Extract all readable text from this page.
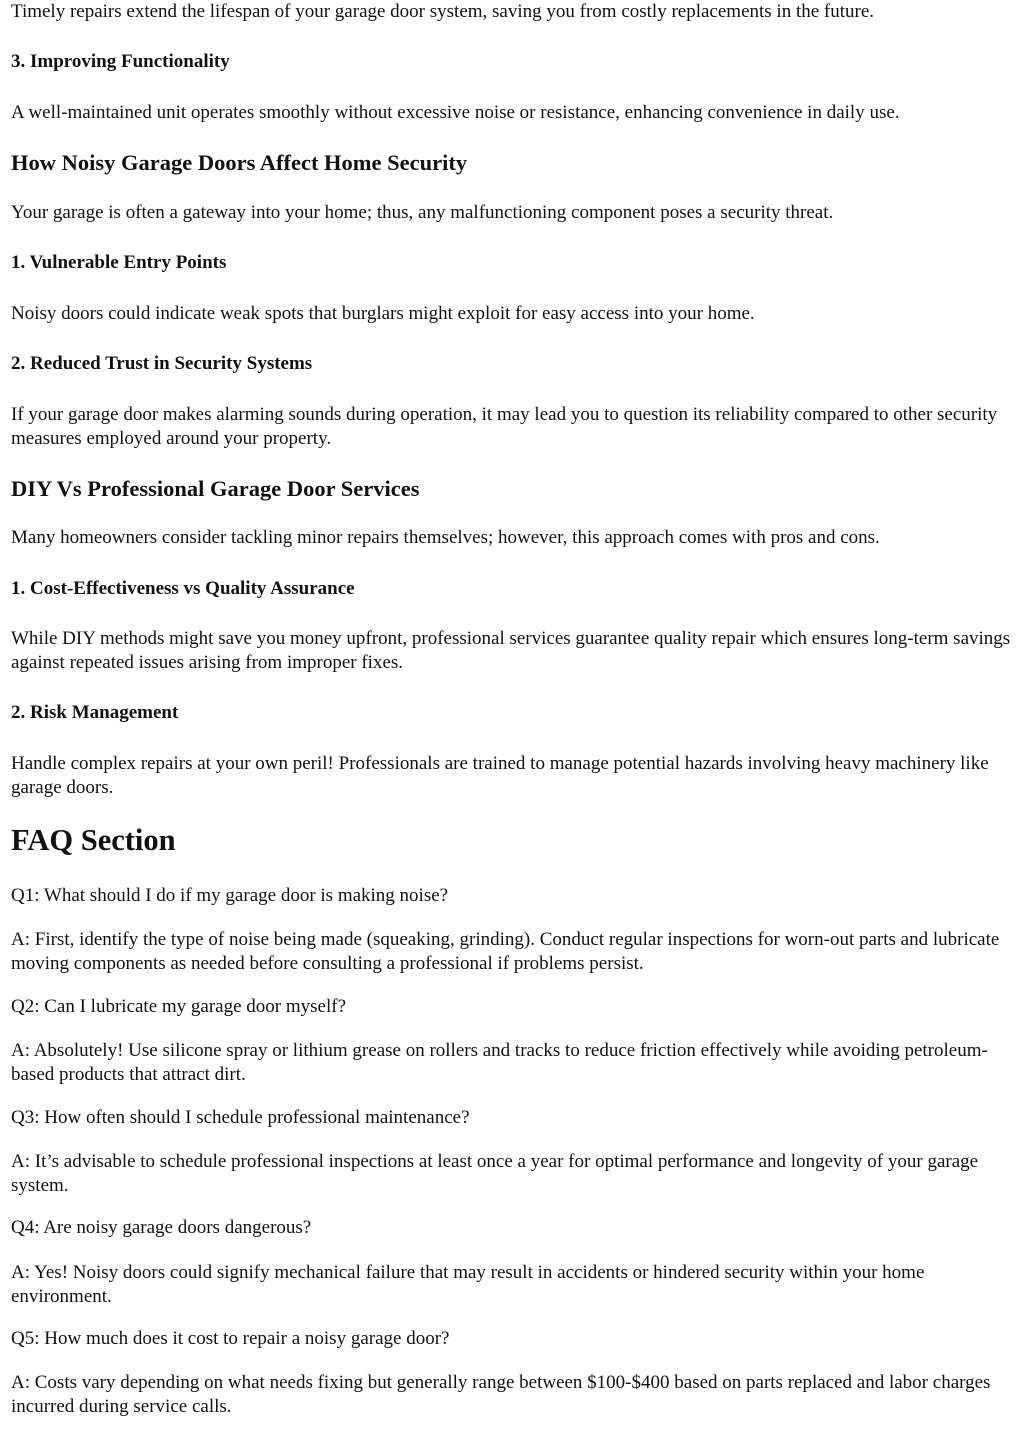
Timely repairs extend the lifespan of your garage door system, saving you from costly replacements in the future.

3. Improving Functionality

A well-maintained unit operates smoothly without excessive noise or resistance, enhancing convenience in daily use.

How Noisy Garage Doors Affect Home Security

Your garage is often a gateway into your home; thus, any malfunctioning component poses a security threat.

1. Vulnerable Entry Points

Noisy doors could indicate weak spots that burglars might exploit for easy access into your home.

2. Reduced Trust in Security Systems

If your garage door makes alarming sounds during operation, it may lead you to question its reliability compared to other security measures employed around your property.

DIY Vs Professional Garage Door Services

Many homeowners consider tackling minor repairs themselves; however, this approach comes with pros and cons.

1. Cost-Effectiveness vs Quality Assurance

While DIY methods might save you money upfront, professional services guarantee quality repair which ensures long-term savings against repeated issues arising from improper fixes.

2. Risk Management

Handle complex repairs at your own peril! Professionals are trained to manage potential hazards involving heavy machinery like garage doors.

FAQ Section

Q1: What should I do if my garage door is making noise?

A: First, identify the type of noise being made (squeaking, grinding). Conduct regular inspections for worn-out parts and lubricate moving components as needed before consulting a professional if problems persist.

Q2: Can I lubricate my garage door myself?

A: Absolutely! Use silicone spray or lithium grease on rollers and tracks to reduce friction effectively while avoiding petroleum-based products that attract dirt.

Q3: How often should I schedule professional maintenance?

A: It’s advisable to schedule professional inspections at least once a year for optimal performance and longevity of your garage system.

Q4: Are noisy garage doors dangerous?

A: Yes! Noisy doors could signify mechanical failure that may result in accidents or hindered security within your home environment.

Q5: How much does it cost to repair a noisy garage door?

A: Costs vary depending on what needs fixing but generally range between $100-$400 based on parts replaced and labor charges incurred during service calls.
